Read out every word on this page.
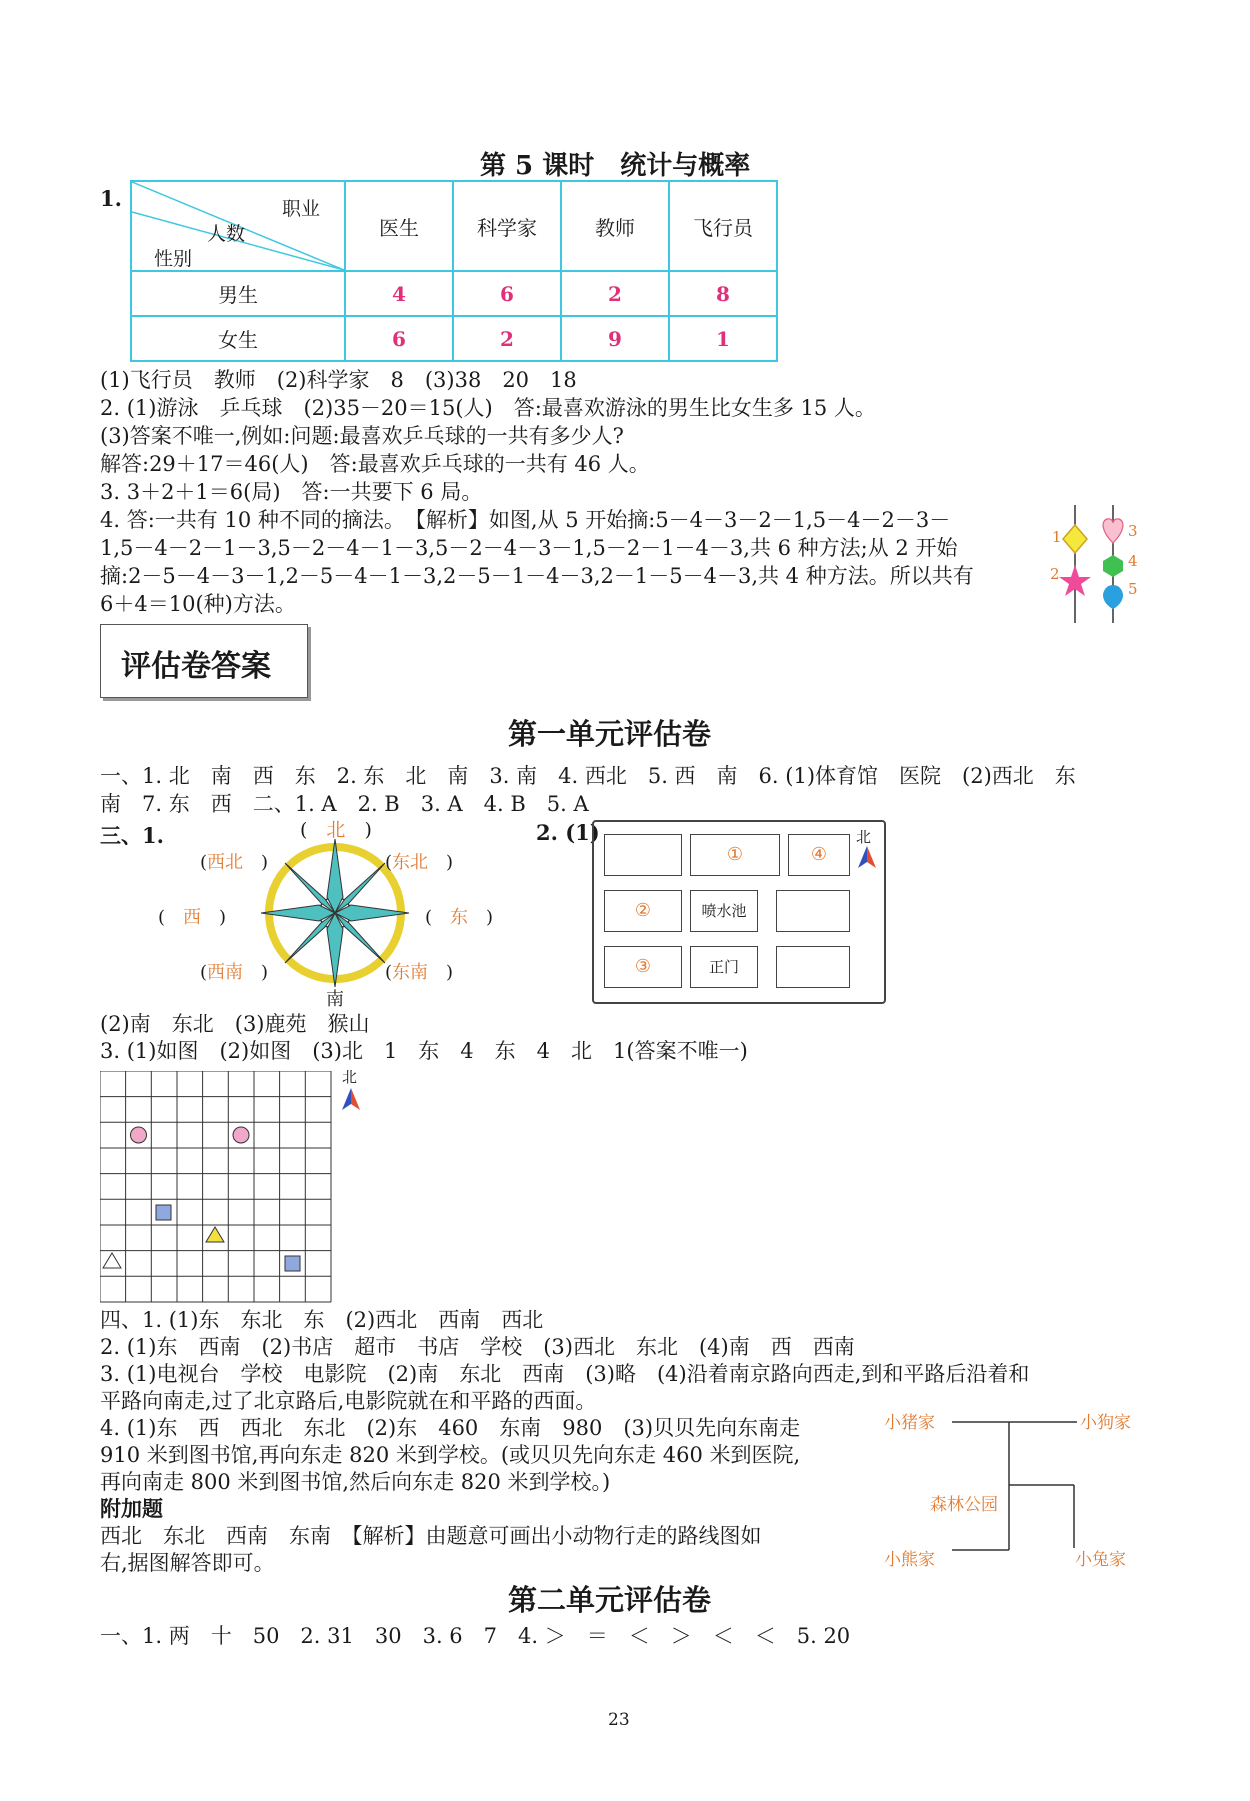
第 5 课时　统计与概率
1.	职业
人数
性别	医生	科学家	教师	飞行员
男生	4	6	2	8
女生	6	2	9	1
(1)飞行员　教师　(2)科学家　8　(3)38　20　18
2. (1)游泳　乒乓球　(2)35－20＝15(人)　答:最喜欢游泳的男生比女生多 15 人。
(3)答案不唯一,例如:问题:最喜欢乒乓球的一共有多少人?
解答:29＋17＝46(人)　答:最喜欢乒乓球的一共有 46 人。
3. 3＋2＋1＝6(局)　答:一共要下 6 局。
4. 答:一共有 10 种不同的摘法。　【解析】如图,从 5 开始摘:5－4－3－2－1,5－4－2－3－
1,5－4－2－1－3,5－2－4－1－3,5－2－4－3－1,5－2－1－4－3,共 6 种方法;从 2 开始
摘:2－5－4－3－1,2－5－4－1－3,2－5－1－4－3,2－1－5－4－3,共 4 种方法。所以共有
6＋4＝10(种)方法。
1
2
3
4
5
评估卷答案
第一单元评估卷
一、1. 北　南　西　东　2. 东　北　南　3. 南　4. 西北　5. 西　南　6. (1)体育馆　医院　(2)西北　东
南　7. 东　西　二、1. A　2. B　3. A　4. B　5. A
三、1.	(　北　)
(西北　)	(东北　)
(　西　)	(　东　)
(西南　)	(东南　)
南
2. (1)
①	④
②	喷水池
③	正门
北
(2)南　东北　(3)鹿苑　猴山
3. (1)如图　(2)如图　(3)北　1　东　4　东　4　北　1(答案不唯一)
北
四、1. (1)东　东北　东　(2)西北　西南　西北
2. (1)东　西南　(2)书店　超市　书店　学校　(3)西北　东北　(4)南　西　西南
3. (1)电视台　学校　电影院　(2)南　东北　西南　(3)略　(4)沿着南京路向西走,到和平路后沿着和
平路向南走,过了北京路后,电影院就在和平路的西面。
4. (1)东　西　西北　东北　(2)东　460　东南　980　(3)贝贝先向东南走
910 米到图书馆,再向东走 820 米到学校。(或贝贝先向东走 460 米到医院,
再向南走 800 米到图书馆,然后向东走 820 米到学校。)
附加题
西北　东北　西南　东南　【解析】由题意可画出小动物行走的路线图如
右,据图解答即可。
小猪家	小狗家
森林公园
小熊家	小兔家
第二单元评估卷
一、1. 两　十　50　2. 31　30　3. 6　7　4. ＞　＝　＜　＞　＜　＜　5. 20
23
